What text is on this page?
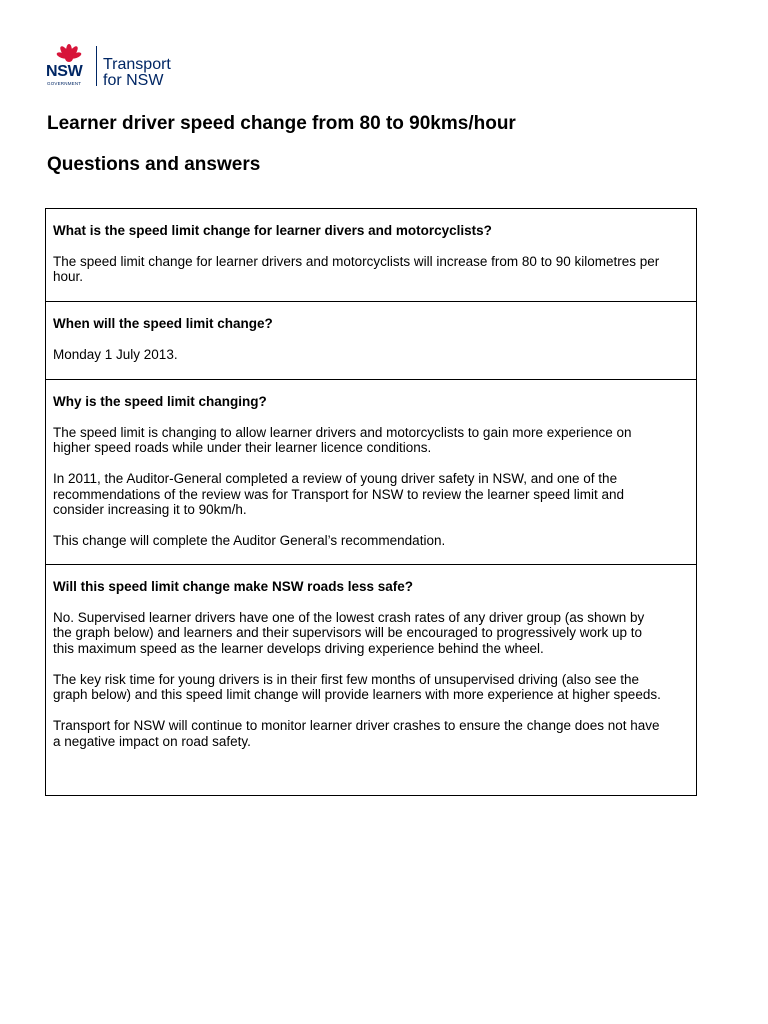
NSW
GOVERNMENT
Transport
for NSW
Learner driver speed change from 80 to 90kms/hour
Questions and answers

What is the speed limit change for learner divers and motorcyclists?

The speed limit change for learner drivers and motorcyclists will increase from 80 to 90 kilometres per hour.

When will the speed limit change?

Monday 1 July 2013.

Why is the speed limit changing?

The speed limit is changing to allow learner drivers and motorcyclists to gain more experience on higher speed roads while under their learner licence conditions.

In 2011, the Auditor-General completed a review of young driver safety in NSW, and one of the recommendations of the review was for Transport for NSW to review the learner speed limit and consider increasing it to 90km/h.

This change will complete the Auditor General’s recommendation.

Will this speed limit change make NSW roads less safe?

No. Supervised learner drivers have one of the lowest crash rates of any driver group (as shown by the graph below) and learners and their supervisors will be encouraged to progressively work up to this maximum speed as the learner develops driving experience behind the wheel.

The key risk time for young drivers is in their first few months of unsupervised driving (also see the graph below) and this speed limit change will provide learners with more experience at higher speeds.

Transport for NSW will continue to monitor learner driver crashes to ensure the change does not have a negative impact on road safety.
